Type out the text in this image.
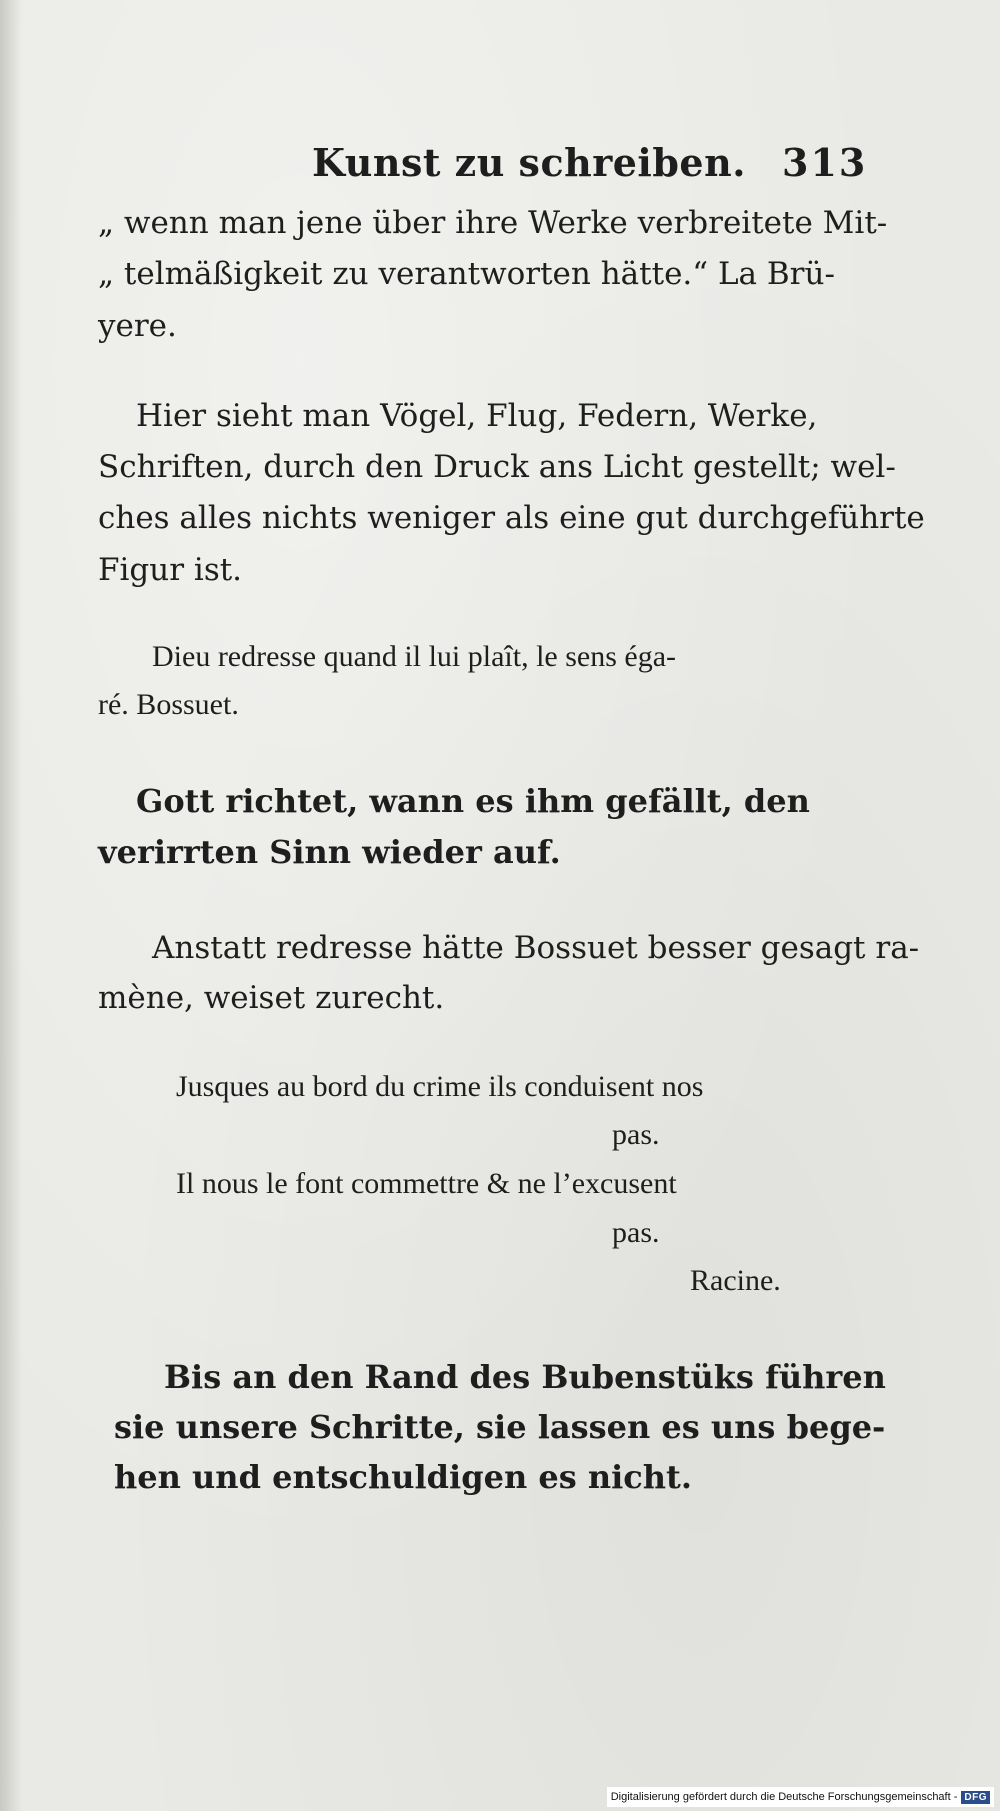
Kunst zu schreiben. 313
„ wenn man jene über ihre Werke verbreitete Mit-
„ telmäßigkeit zu verantworten hätte.“ La Brü-
yere.
Hier sieht man Vögel, Flug, Federn, Werke,
Schriften, durch den Druck ans Licht gestellt; wel-
ches alles nichts weniger als eine gut durchgeführte
Figur ist.
Dieu redresse quand il lui plaît, le sens éga-
ré. Bossuet.
Gott richtet, wann es ihm gefällt, den
verirrten Sinn wieder auf.
Anstatt redresse hätte Bossuet besser gesagt ra-
mène, weiset zurecht.
Jusques au bord du crime ils conduisent nos
pas.
Il nous le font commettre & ne l’excusent
pas.
Racine.
Bis an den Rand des Bubenstüks führen
sie unsere Schritte, sie lassen es uns bege-
hen und entschuldigen es nicht.
Digitalisierung gefördert durch die Deutsche Forschungsgemeinschaft - DFG
